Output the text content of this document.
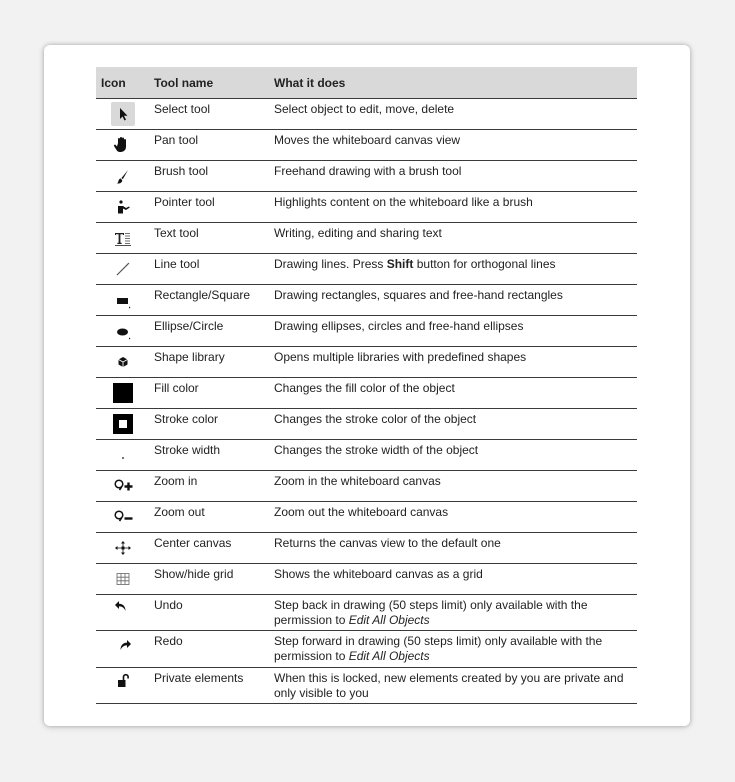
Icon	Tool name	What it does
	Select tool	Select object to edit, move, delete

	Pan tool	Moves the whiteboard canvas view

	Brush tool	Freehand drawing with a brush tool

	Pointer tool	Highlights content on the whiteboard like a brush

	Text tool	Writing, editing and sharing text

	Line tool	Drawing lines. Press Shift button for orthogonal lines

	Rectangle/Square	Drawing rectangles, squares and free-hand rectangles

	Ellipse/Circle	Drawing ellipses, circles and free-hand ellipses

	Shape library	Opens multiple libraries with predefined shapes

	Fill color	Changes the fill color of the object

	Stroke color	Changes the stroke color of the object

	Stroke width	Changes the stroke width of the object

	Zoom in	Zoom in the whiteboard canvas

	Zoom out	Zoom out the whiteboard canvas

	Center canvas	Returns the canvas view to the default one

	Show/hide grid	Shows the whiteboard canvas as a grid

	Undo	Step back in drawing (50 steps limit) only available with the permission to Edit All Objects

	Redo	Step forward in drawing (50 steps limit) only available with the permission to Edit All Objects

	Private elements	When this is locked, new elements created by you are private and only visible to you
